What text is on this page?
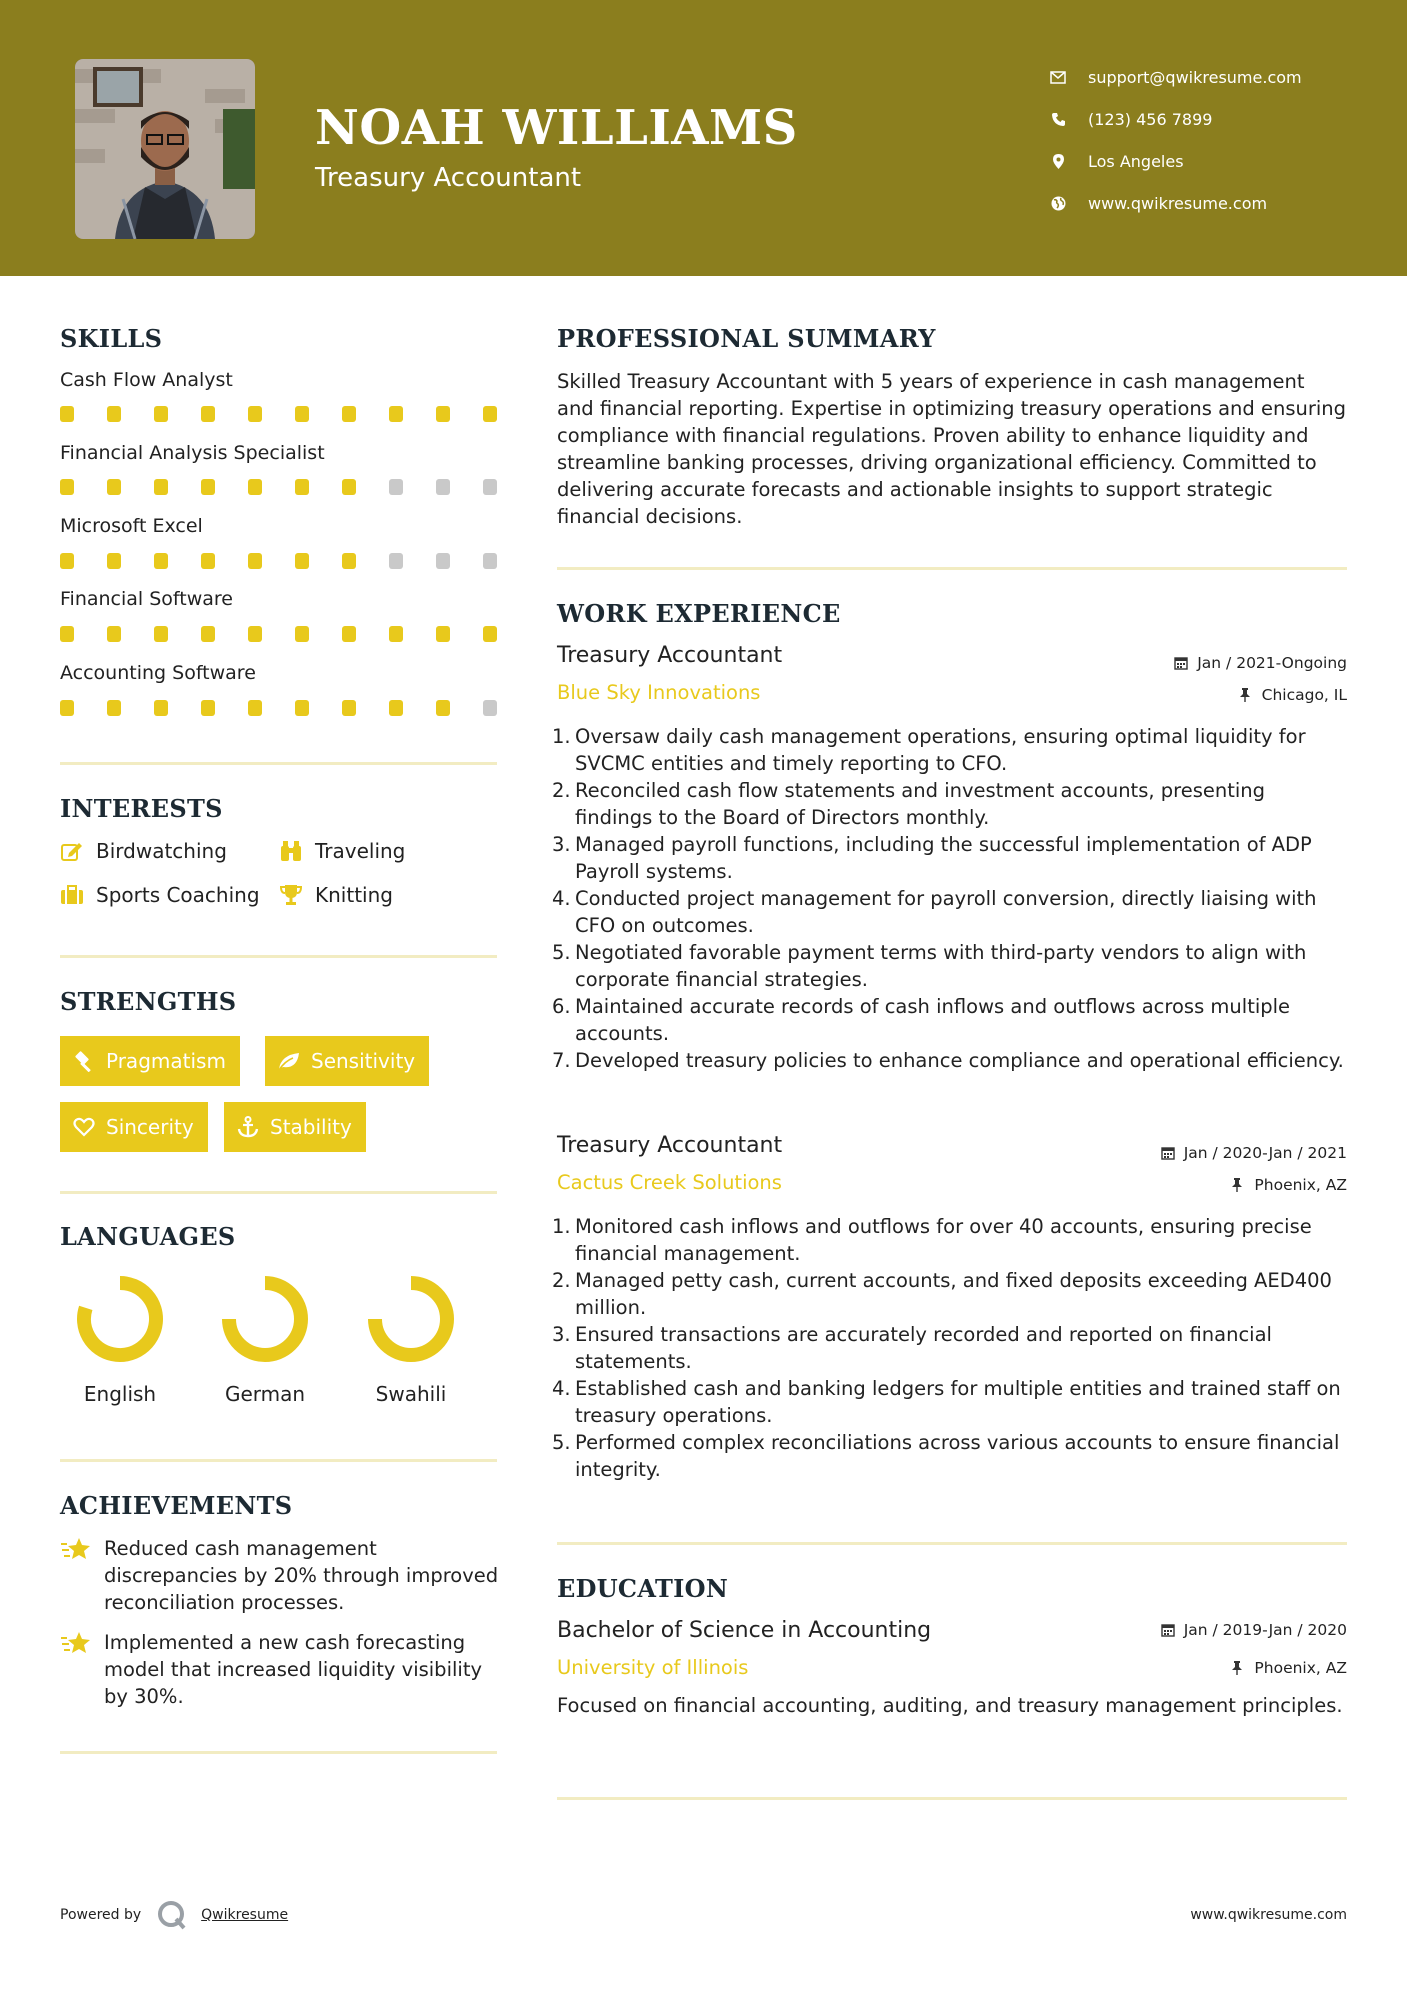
NOAH WILLIAMS
Treasury Accountant
support@qwikresume.com
(123) 456 7899
Los Angeles
www.qwikresume.com
SKILLS
Cash Flow Analyst
Financial Analysis Specialist
Microsoft Excel
Financial Software
Accounting Software
INTERESTS
Birdwatching	Traveling
Sports Coaching	Knitting
STRENGTHS
Pragmatism	Sensitivity
Sincerity	Stability
LANGUAGES
English	German	Swahili
ACHIEVEMENTS
Reduced cash management discrepancies by 20% through improved reconciliation processes.
Implemented a new cash forecasting model that increased liquidity visibility by 30%.
PROFESSIONAL SUMMARY
Skilled Treasury Accountant with 5 years of experience in cash management and financial reporting. Expertise in optimizing treasury operations and ensuring compliance with financial regulations. Proven ability to enhance liquidity and streamline banking processes, driving organizational efficiency. Committed to delivering accurate forecasts and actionable insights to support strategic financial decisions.
WORK EXPERIENCE
Treasury Accountant	Jan / 2021-Ongoing
Blue Sky Innovations	Chicago, IL
1. Oversaw daily cash management operations, ensuring optimal liquidity for SVCMC entities and timely reporting to CFO.
2. Reconciled cash flow statements and investment accounts, presenting findings to the Board of Directors monthly.
3. Managed payroll functions, including the successful implementation of ADP Payroll systems.
4. Conducted project management for payroll conversion, directly liaising with CFO on outcomes.
5. Negotiated favorable payment terms with third-party vendors to align with corporate financial strategies.
6. Maintained accurate records of cash inflows and outflows across multiple accounts.
7. Developed treasury policies to enhance compliance and operational efficiency.
Treasury Accountant	Jan / 2020-Jan / 2021
Cactus Creek Solutions	Phoenix, AZ
1. Monitored cash inflows and outflows for over 40 accounts, ensuring precise financial management.
2. Managed petty cash, current accounts, and fixed deposits exceeding AED400 million.
3. Ensured transactions are accurately recorded and reported on financial statements.
4. Established cash and banking ledgers for multiple entities and trained staff on treasury operations.
5. Performed complex reconciliations across various accounts to ensure financial integrity.
EDUCATION
Bachelor of Science in Accounting	Jan / 2019-Jan / 2020
University of Illinois	Phoenix, AZ
Focused on financial accounting, auditing, and treasury management principles.
Powered by	Qwikresume	www.qwikresume.com
